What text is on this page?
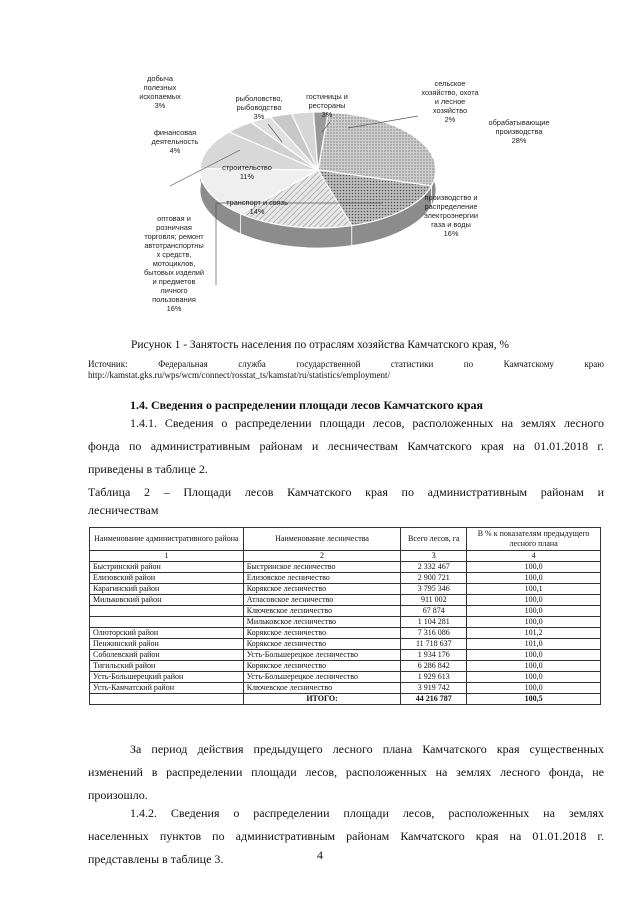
добыча
полезных
ископаемых
3%
рыболовство,
рыбоводство
3%
гостиницы и
рестораны
3%
сельское
хозяйство, охота
и лесное
хозяйство
2%	обрабатывающие
производства
28%
финансовая
деятельность
4%
строительство
11%
транспорт и связь
14%
производство и
распределение
электроэнергии
газа и воды
16%
оптовая и
розничная
торговля; ремонт
автотранспортны
х средств,
мотоциклов,
бытовых изделий
и предметов
личного
пользования
16%
Рисунок 1 - Занятость населения по отраслям хозяйства Камчатского края, %
Источник: Федеральная служба государственной статистики по Камчатскому краю
http://kamstat.gks.ru/wps/wcm/connect/rosstat_ts/kamstat/ru/statistics/employment/
1.4. Сведения о распределении площади лесов Камчатского края
1.4.1. Сведения о распределении площади лесов, расположенных на землях лесного
фонда по административным районам и лесничествам Камчатского края на 01.01.2018 г.
приведены в таблице 2.
Таблица 2 – Площади лесов Камчатского края по административным районам и
лесничествам
Наименование административного района	Наименование лесничества	Всего лесов, га	В % к показателям предыдущего лесного плана
1	2	3	4
Быстринский район	Быстринское лесничество	2 332 467	100,0
Елизовский район	Елизовское лесничество	2 900 721	100,0
Карагинский район	Корякское лесничество	3 795 346	100,1
Мильковский район	Атласовское лесничество	911 002	100,0
	Ключевское лесничество	67 874	100,0
	Мильковское лесничество	1 104 281	100,0
Олюторский район	Корякское лесничество	7 316 086	101,2
Пенжинский район	Корякское лесничество	11 718 637	101,0
Соболевский район	Усть-Большерецкое лесничество	1 934 176	100,0
Тигильский район	Корякское лесничество	6 286 842	100,0
Усть-Большерецкий район	Усть-Большерецкое лесничество	1 929 613	100,0
Усть-Камчатский район	Ключевское лесничество	3 919 742	100,0
	ИТОГО:	44 216 787	100,5
За период действия предыдущего лесного плана Камчатского края существенных
изменений в распределении площади лесов, расположенных на землях лесного фонда, не
произошло.
1.4.2. Сведения о распределении площади лесов, расположенных на землях
населенных пунктов по административным районам Камчатского края на 01.01.2018 г.
представлены в таблице 3.	4
